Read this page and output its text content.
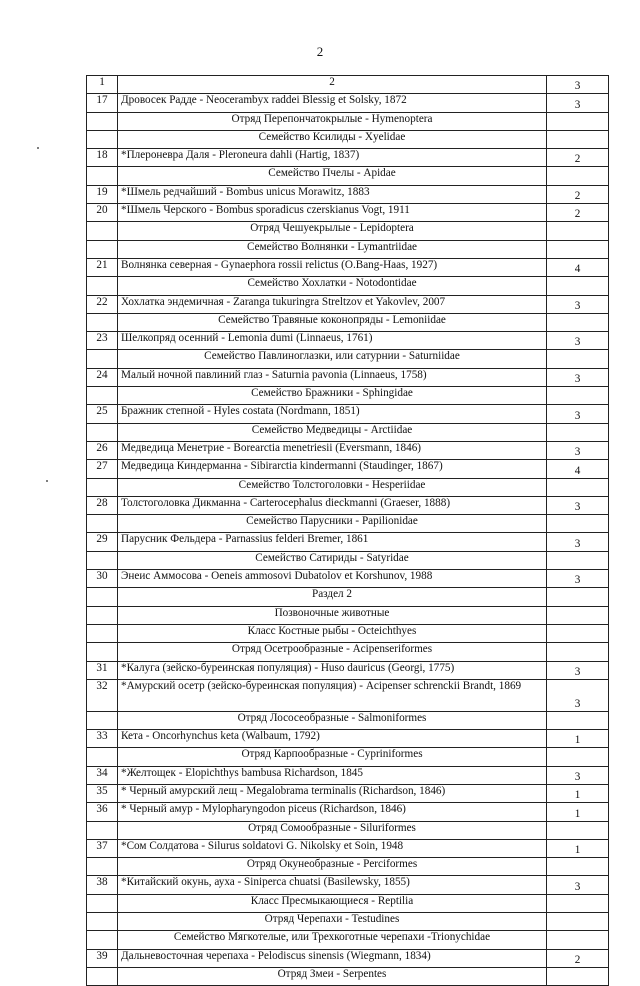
2
1	2	3
17	Дровосек Радде - Neocerambyx raddei Blessig et Solsky, 1872	3
	Отряд Перепончатокрылые - Hymenoptera	
	Семейство Ксилиды - Xyelidae	
18	*Плероневра Даля - Pleroneura dahli (Hartig, 1837)	2
	Семейство Пчелы - Apidae	
19	*Шмель редчайший - Bombus unicus Morawitz, 1883	2
20	*Шмель Черского - Bombus sporadicus czerskianus Vogt, 1911	2
	Отряд Чешуекрылые - Lepidoptera	
	Семейство Волнянки - Lymantriidae	
21	Волнянка северная - Gynaephora rossii relictus (O.Bang-Haas, 1927)	4
	Семейство Хохлатки - Notodontidae	
22	Хохлатка эндемичная - Zaranga tukuringra Streltzov et Yakovlev, 2007	3
	Семейство Травяные коконопряды - Lemoniidae	
23	Шелкопряд осенний - Lemonia dumi (Linnaeus, 1761)	3
	Семейство Павлиноглазки, или сатурнии - Saturniidae	
24	Малый ночной павлиний глаз - Saturnia pavonia (Linnaeus, 1758)	3
	Семейство Бражники - Sphingidae	
25	Бражник степной - Hyles costata (Nordmann, 1851)	3
	Семейство Медведицы - Arctiidae	
26	Медведица Менетрие - Borearctia menetriesii (Eversmann, 1846)	3
27	Медведица Киндерманна - Sibirarctia kindermanni (Staudinger, 1867)	4
	Семейство Толстоголовки - Hesperiidae	
28	Толстоголовка Дикманна - Carterocephalus dieckmanni (Graeser, 1888)	3
	Семейство Парусники - Papilionidae	
29	Парусник Фельдера - Parnassius felderi Bremer, 1861	3
	Семейство Сатириды - Satyridae	
30	Энеис Аммосова - Oeneis ammosovi Dubatolov et Korshunov, 1988	3
	Раздел 2	
	Позвоночные животные	
	Класс Костные рыбы - Octeichthyes	
	Отряд Осетрообразные - Acipenseriformes	
31	*Калуга (зейско-буреинская популяция) - Huso dauricus (Georgi, 1775)	3
32	*Амурский осетр (зейско-буреинская популяция) - Acipenser schrenckii Brandt, 1869	3
	Отряд Лососеобразные - Salmoniformes	
33	Кета - Oncorhynchus keta (Walbaum, 1792)	1
	Отряд Карпообразные - Cypriniformes	
34	*Желтощек - Elopichthys bambusa Richardson, 1845	3
35	* Черный амурский лещ - Megalobrama terminalis (Richardson, 1846)	1
36	* Черный амур - Mylopharyngodon piceus (Richardson, 1846)	1
	Отряд Сомообразные - Siluriformes	
37	*Сом Солдатова - Silurus soldatovi G. Nikolsky et Soin, 1948	1
	Отряд Окунеобразные - Perciformes	
38	*Китайский окунь, ауха - Siniperca chuatsi (Basilewsky, 1855)	3
	Класс Пресмыкающиеся - Reptilia	
	Отряд Черепахи - Testudines	
	Семейство Мягкотелые, или Трехкоготные черепахи -Trionychidae	
39	Дальневосточная черепаха - Pelodiscus sinensis (Wiegmann, 1834)	2
	Отряд Змеи - Serpentes	
